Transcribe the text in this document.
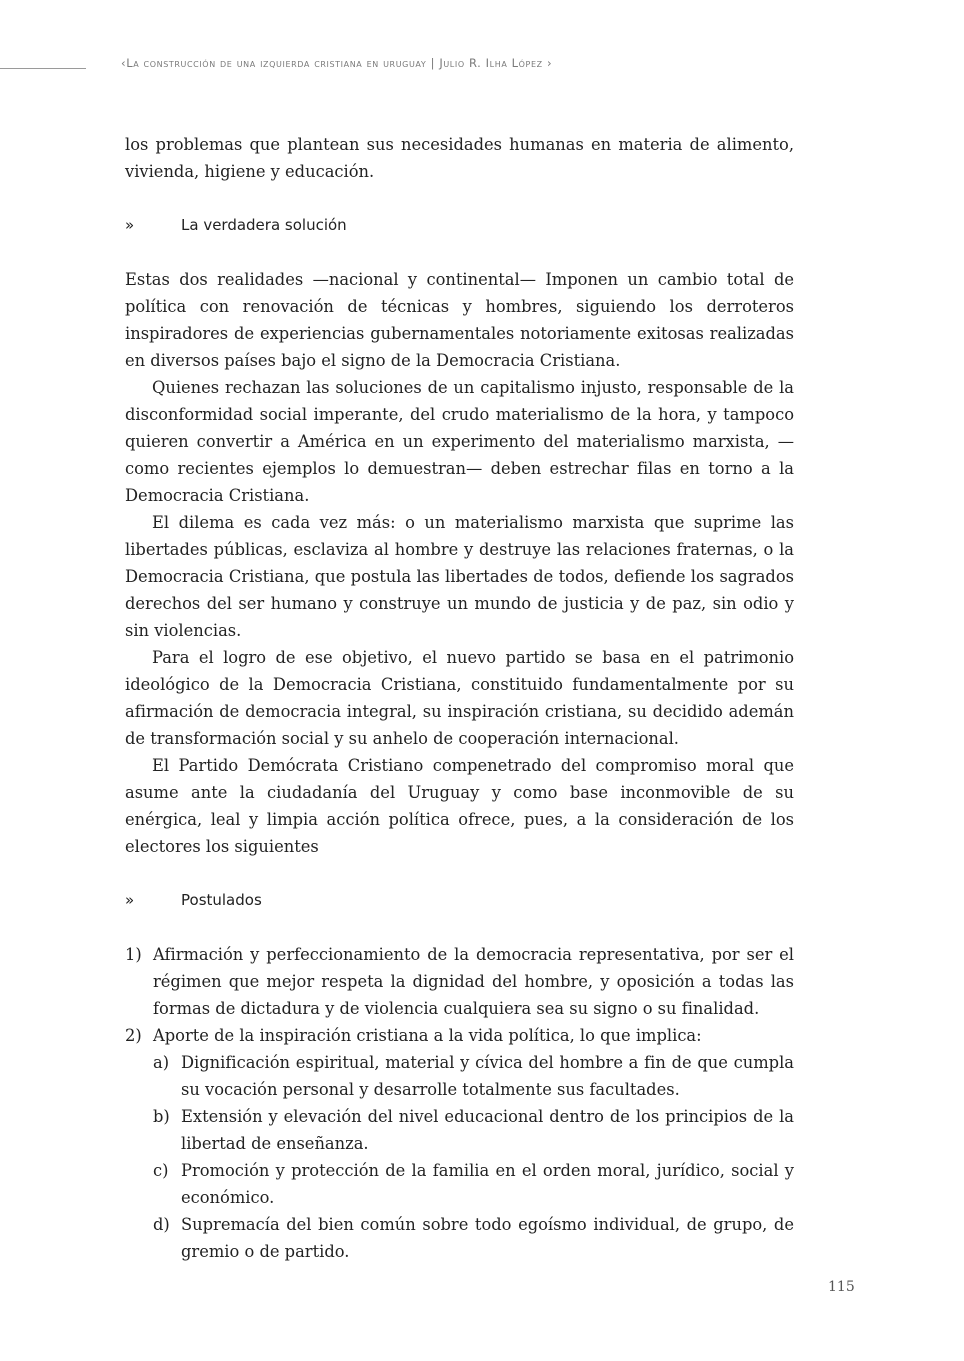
‹La construcción de una izquierda cristiana en uruguay | Julio R. Ilha López ›

los problemas que plantean sus necesidades humanas en materia de alimento, vivienda, higiene y educación.

»	La verdadera solución

Estas dos realidades —nacional y continental— Imponen un cambio total de política con renovación de técnicas y hombres, siguiendo los derroteros inspiradores de experiencias gubernamentales notoriamente exitosas realizadas en diversos países bajo el signo de la Democracia Cristiana.

Quienes rechazan las soluciones de un capitalismo injusto, responsable de la disconformidad social imperante, del crudo materialismo de la hora, y tampoco quieren convertir a América en un experimento del materialismo marxista, —como recientes ejemplos lo demuestran— deben estrechar filas en torno a la Democracia Cristiana.

El dilema es cada vez más: o un materialismo marxista que suprime las libertades públicas, esclaviza al hombre y destruye las relaciones fraternas, o la Democracia Cristiana, que postula las libertades de todos, defiende los sagrados derechos del ser humano y construye un mundo de justicia y de paz, sin odio y sin violencias.

Para el logro de ese objetivo, el nuevo partido se basa en el patrimonio ideológico de la Democracia Cristiana, constituido fundamentalmente por su afirmación de democracia integral, su inspiración cristiana, su decidido ademán de transformación social y su anhelo de cooperación internacional.

El Partido Demócrata Cristiano compenetrado del compromiso moral que asume ante la ciudadanía del Uruguay y como base inconmovible de su enérgica, leal y limpia acción política ofrece, pues, a la consideración de los electores los siguientes

»	Postulados
1) Afirmación y perfeccionamiento de la democracia representativa, por ser el régimen que mejor respeta la dignidad del hombre, y oposición a todas las formas de dictadura y de violencia cualquiera sea su signo o su finalidad.
2) Aporte de la inspiración cristiana a la vida política, lo que implica:
a) Dignificación espiritual, material y cívica del hombre a fin de que cumpla su vocación personal y desarrolle totalmente sus facultades.
b) Extensión y elevación del nivel educacional dentro de los principios de la libertad de enseñanza.
c) Promoción y protección de la familia en el orden moral, jurídico, social y económico.
d) Supremacía del bien común sobre todo egoísmo individual, de grupo, de gremio o de partido.
115
